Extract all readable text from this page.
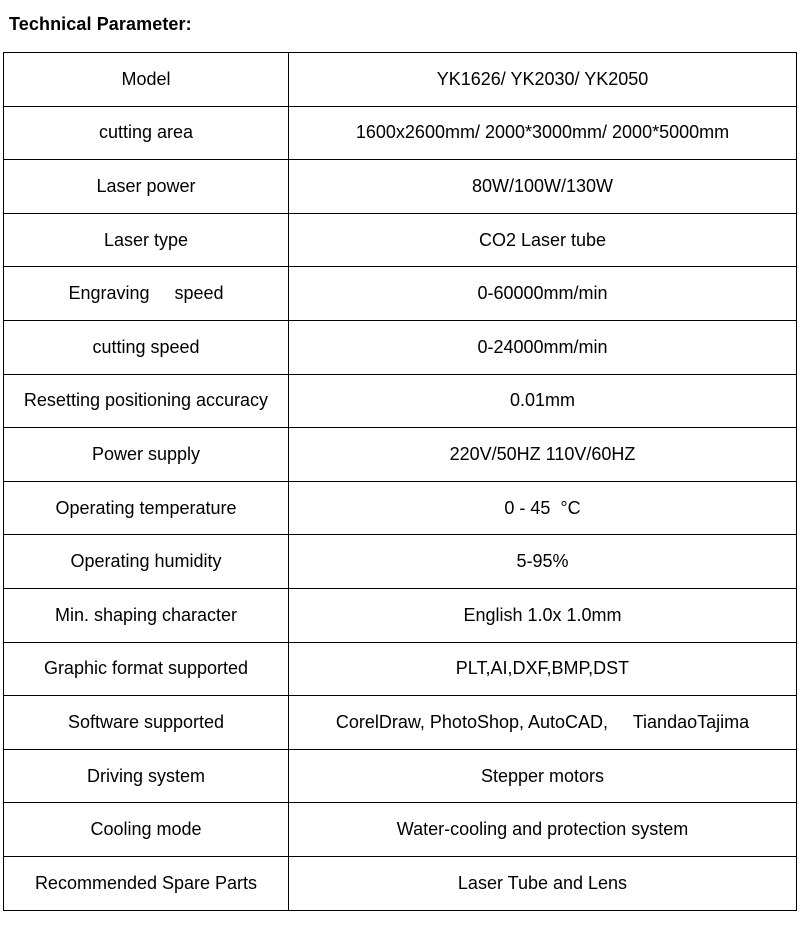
Technical Parameter:
Model	YK1626/ YK2030/ YK2050
cutting area	1600x2600mm/ 2000*3000mm/ 2000*5000mm
Laser power	80W/100W/130W
Laser type	CO2 Laser tube
Engraving     speed	0-60000mm/min
cutting speed	0-24000mm/min
Resetting positioning accuracy	0.01mm
Power supply	220V/50HZ 110V/60HZ
Operating temperature	0 - 45  °C
Operating humidity	5-95%
Min. shaping character	English 1.0x 1.0mm
Graphic format supported	PLT,AI,DXF,BMP,DST
Software supported	CorelDraw, PhotoShop, AutoCAD,     TiandaoTajima
Driving system	Stepper motors
Cooling mode	Water-cooling and protection system
Recommended Spare Parts	Laser Tube and Lens
